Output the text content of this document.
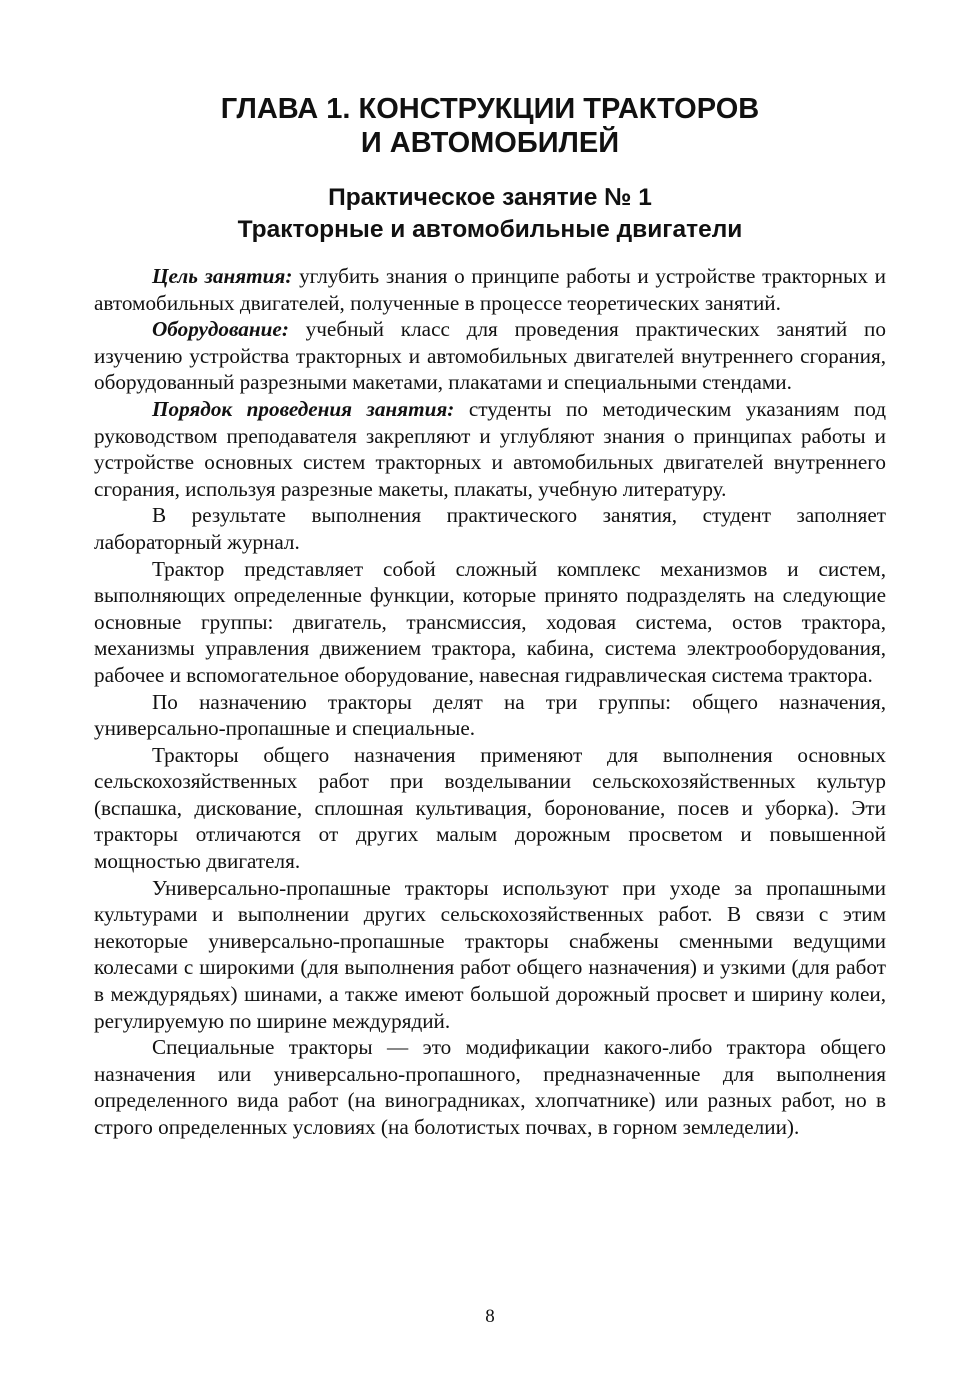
ГЛАВА 1. КОНСТРУКЦИИ ТРАКТОРОВ
И АВТОМОБИЛЕЙ
Практическое занятие № 1
Тракторные и автомобильные двигатели

Цель занятия: углубить знания о принципе работы и устройстве тракторных и автомобильных двигателей, полученные в процессе теоретических занятий.

Оборудование: учебный класс для проведения практических занятий по изучению устройства тракторных и автомобильных двигателей внутреннего сгорания, оборудованный разрезными макетами, плакатами и специальными стендами.

Порядок проведения занятия: студенты по методическим указаниям под руководством преподавателя закрепляют и углубляют знания о принципах работы и устройстве основных систем тракторных и автомобильных двигателей внутреннего сгорания, используя разрезные макеты, плакаты, учебную литературу.

В результате выполнения практического занятия, студент заполняет лабораторный журнал.

Трактор представляет собой сложный комплекс механизмов и систем, выполняющих определенные функции, которые принято подразделять на следующие основные группы: двигатель, трансмиссия, ходовая система, остов трактора, механизмы управления движением трактора, кабина, система электрооборудования, рабочее и вспомогательное оборудование, навесная гидравлическая система трактора.

По назначению тракторы делят на три группы: общего назначения, универсально-пропашные и специальные.

Тракторы общего назначения применяют для выполнения основных сельскохозяйственных работ при возделывании сельскохозяйственных культур (вспашка, дискование, сплошная культивация, боронование, посев и уборка). Эти тракторы отличаются от других малым дорожным просветом и повышенной мощностью двигателя.

Универсально-пропашные тракторы используют при уходе за пропашными культурами и выполнении других сельскохозяйственных работ. В связи с этим некоторые универсально-пропашные тракторы снабжены сменными ведущими колесами с широкими (для выполнения работ общего назначения) и узкими (для работ в междурядьях) шинами, а также имеют большой дорожный просвет и ширину колеи, регулируемую по ширине междурядий.

Специальные тракторы — это модификации какого-либо трактора общего назначения или универсально-пропашного, предназначенные для выполнения определенного вида работ (на виноградниках, хлопчатнике) или разных работ, но в строго определенных условиях (на болотистых почвах, в горном земледелии).

8
